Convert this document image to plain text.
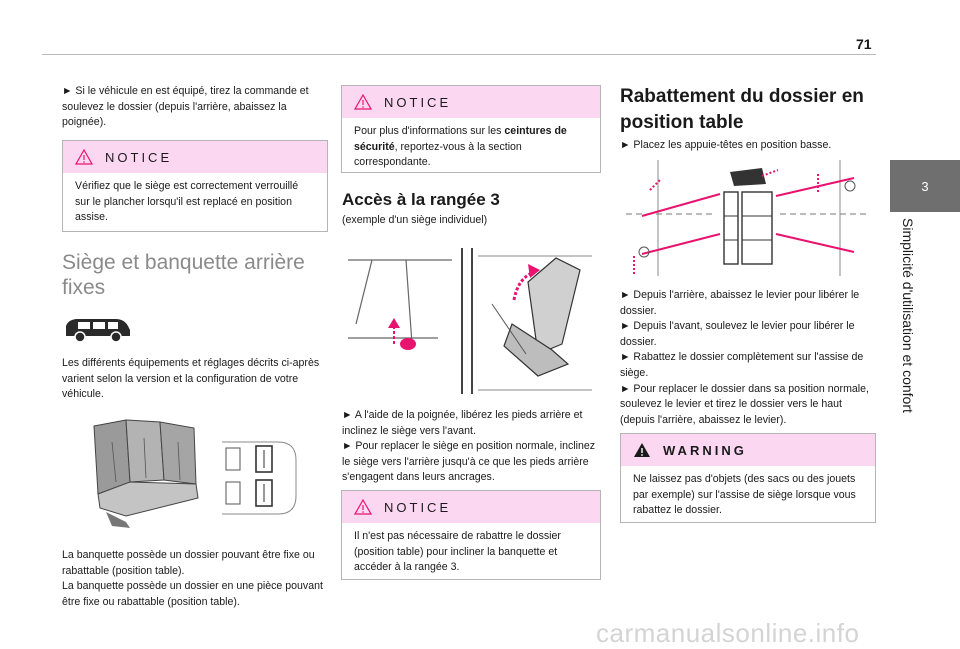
71
3
Simplicité d'utilisation et confort
► Si le véhicule en est équipé, tirez la commande et soulevez le dossier (depuis l'arrière, abaissez la poignée).
NOTICE
Vérifiez que le siège est correctement verrouillé sur le plancher lorsqu'il est replacé en position assise.
Siège et banquette arrière fixes
Les différents équipements et réglages décrits ci-après varient selon la version et la configuration de votre véhicule.
La banquette possède un dossier pouvant être fixe ou rabattable (position table).
La banquette possède un dossier en une pièce pouvant être fixe ou rabattable (position table).
NOTICE
Pour plus d'informations sur les ceintures de sécurité, reportez-vous à la section correspondante.
Accès à la rangée 3
(exemple d'un siège individuel)
► A l'aide de la poignée, libérez les pieds arrière et inclinez le siège vers l'avant.
► Pour replacer le siège en position normale, inclinez le siège vers l'arrière jusqu'à ce que les pieds arrière s'engagent dans leurs ancrages.
NOTICE
Il n'est pas nécessaire de rabattre le dossier (position table) pour incliner la banquette et accéder à la rangée 3.
Rabattement du dossier en position table
► Placez les appuie-têtes en position basse.
► Depuis l'arrière, abaissez le levier pour libérer le dossier.
► Depuis l'avant, soulevez le levier pour libérer le dossier.
► Rabattez le dossier complètement sur l'assise de siège.
► Pour replacer le dossier dans sa position normale, soulevez le levier et tirez le dossier vers le haut (depuis l'arrière, abaissez le levier).
WARNING
Ne laissez pas d'objets (des sacs ou des jouets par exemple) sur l'assise de siège lorsque vous rabattez le dossier.
carmanualsonline.info
